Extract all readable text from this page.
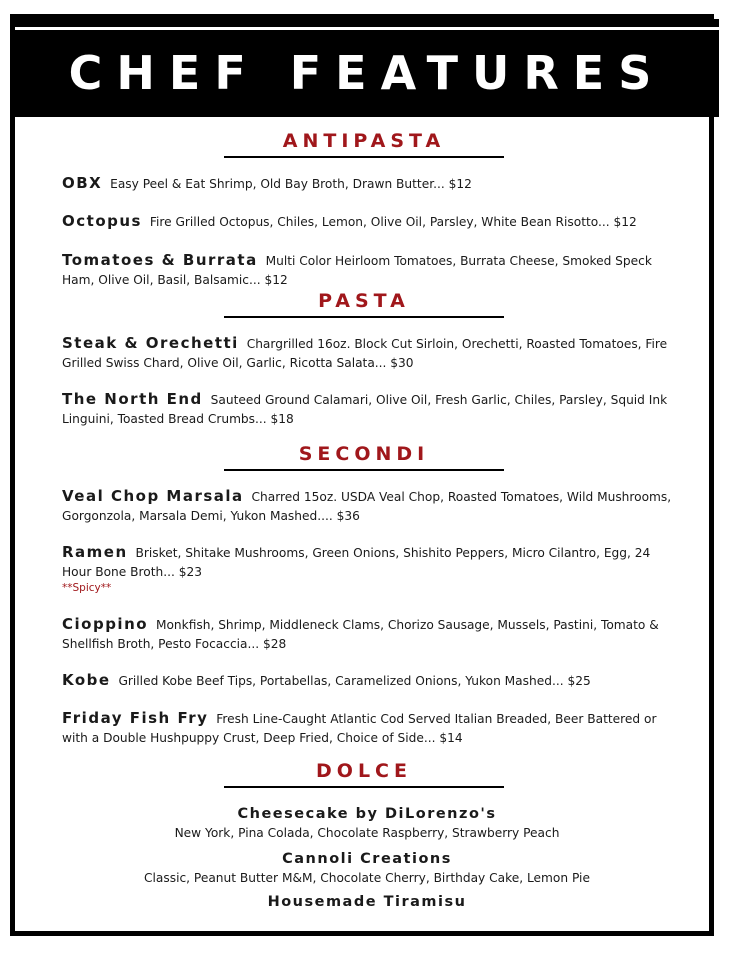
CHEF FEATURES
ANTIPASTA
OBX Easy Peel & Eat Shrimp, Old Bay Broth, Drawn Butter... $12
Octopus Fire Grilled Octopus, Chiles, Lemon, Olive Oil, Parsley, White Bean Risotto... $12
Tomatoes & Burrata Multi Color Heirloom Tomatoes, Burrata Cheese, Smoked Speck Ham, Olive Oil, Basil, Balsamic... $12
PASTA
Steak & Orechetti Chargrilled 16oz. Block Cut Sirloin, Orechetti, Roasted Tomatoes, Fire Grilled Swiss Chard, Olive Oil, Garlic, Ricotta Salata... $30
The North End Sauteed Ground Calamari, Olive Oil, Fresh Garlic, Chiles, Parsley, Squid Ink Linguini, Toasted Bread Crumbs... $18
SECONDI
Veal Chop Marsala Charred 15oz. USDA Veal Chop, Roasted Tomatoes, Wild Mushrooms, Gorgonzola, Marsala Demi, Yukon Mashed.... $36
Ramen Brisket, Shitake Mushrooms, Green Onions, Shishito Peppers, Micro Cilantro, Egg, 24 Hour Bone Broth... $23
**Spicy**
Cioppino Monkfish, Shrimp, Middleneck Clams, Chorizo Sausage, Mussels, Pastini, Tomato & Shellfish Broth, Pesto Focaccia... $28
Kobe Grilled Kobe Beef Tips, Portabellas, Caramelized Onions, Yukon Mashed... $25
Friday Fish Fry Fresh Line-Caught Atlantic Cod Served Italian Breaded, Beer Battered or with a Double Hushpuppy Crust, Deep Fried, Choice of Side... $14
DOLCE
Cheesecake by DiLorenzo's
New York, Pina Colada, Chocolate Raspberry, Strawberry Peach
Cannoli Creations
Classic, Peanut Butter M&M, Chocolate Cherry, Birthday Cake, Lemon Pie
Housemade Tiramisu
